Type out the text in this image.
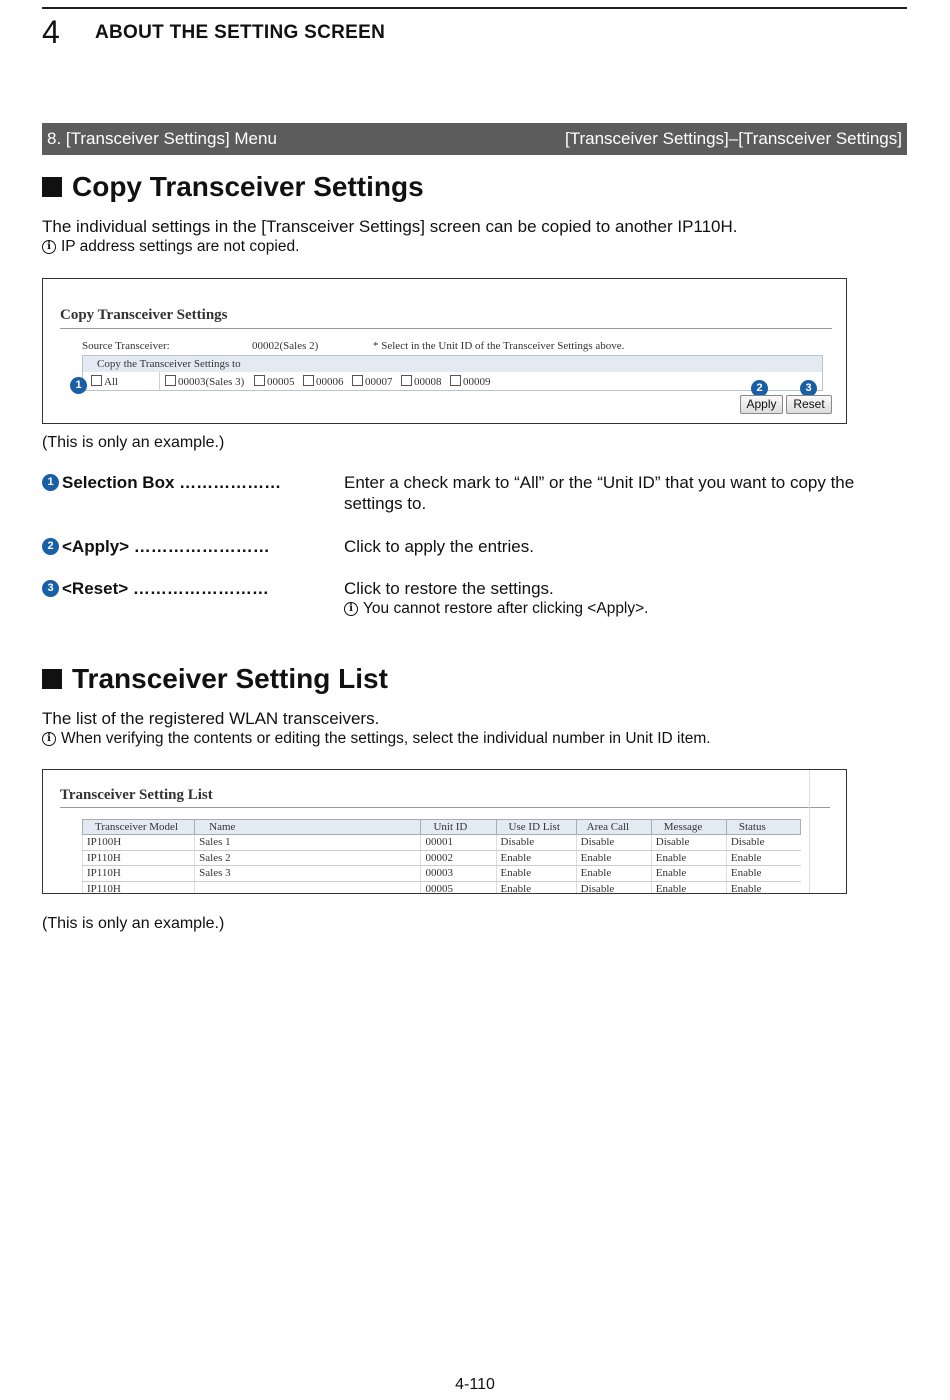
4 ABOUT THE SETTING SCREEN
8. [Transceiver Settings] Menu	[Transceiver Settings]–[Transceiver Settings]
Copy Transceiver Settings
The individual settings in the [Transceiver Settings] screen can be copied to another IP110H.
i IP address settings are not copied.
Copy Transceiver Settings
Source Transceiver:	00002(Sales 2)	* Select in the Unit ID of the Transceiver Settings above.
Copy the Transceiver Settings to
1	All	00003(Sales 3)	00005	00006	00007	00008	00009	2	3
Apply	Reset
(This is only an example.)
1 Selection Box ………………	Enter a check mark to “All” or the “Unit ID” that you want to copy the settings to.
2 <Apply> ……………………	Click to apply the entries.
3 <Reset> ……………………	Click to restore the settings.
i You cannot restore after clicking <Apply>.
Transceiver Setting List
The list of the registered WLAN transceivers.
i When verifying the contents or editing the settings, select the individual number in Unit ID item.
Transceiver Setting List
Transceiver Model	Name	Unit ID	Use ID List	Area Call	Message	Status
IP100H	Sales 1	00001	Disable	Disable	Disable	Disable
IP110H	Sales 2	00002	Enable	Enable	Enable	Enable
IP110H	Sales 3	00003	Enable	Enable	Enable	Enable
IP110H		00005	Enable	Disable	Enable	Enable
(This is only an example.)
4-110
